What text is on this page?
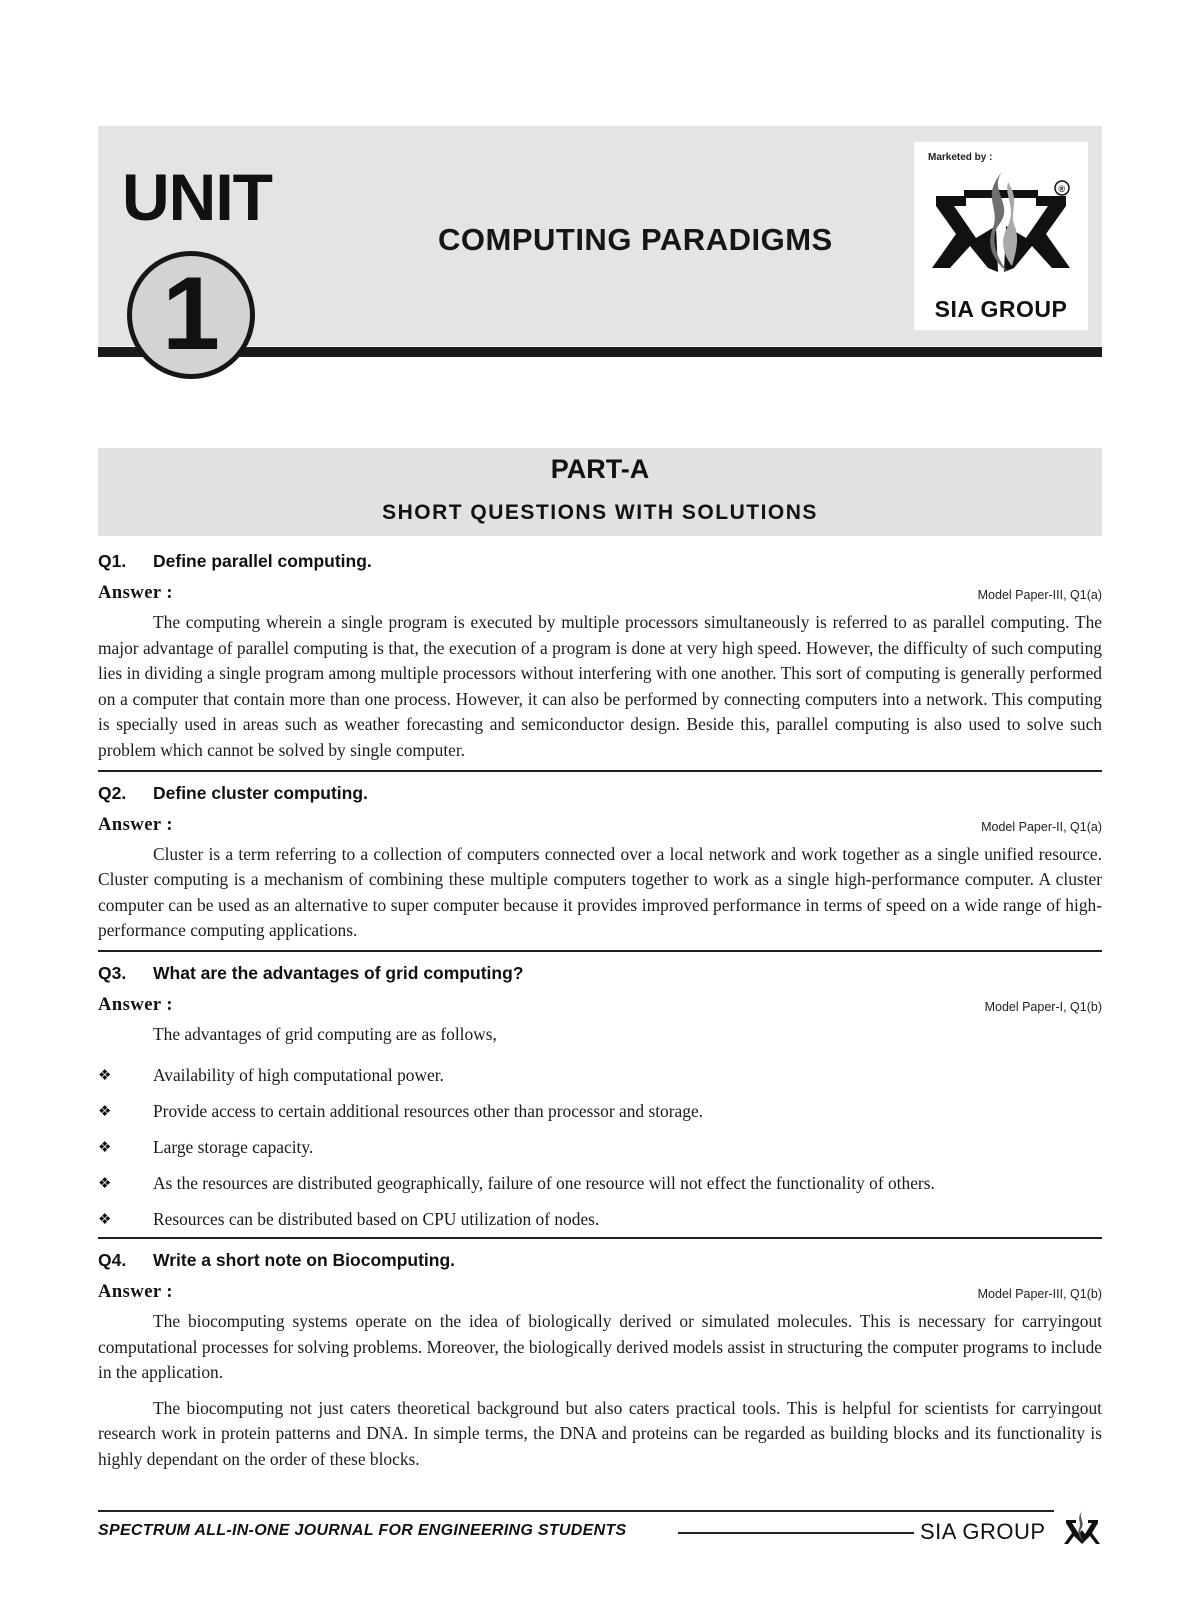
UNIT
COMPUTING PARADIGMS
Marketed by :
®
SIA GROUP
1
PART-A
SHORT QUESTIONS WITH SOLUTIONS
Q1. Define parallel computing.
Answer :	Model Paper-III, Q1(a)

The computing wherein a single program is executed by multiple processors simultaneously is referred to as parallel computing. The major advantage of parallel computing is that, the execution of a program is done at very high speed. However, the difficulty of such computing lies in dividing a single program among multiple processors without interfering with one another. This sort of computing is generally performed on a computer that contain more than one process. However, it can also be performed by connecting computers into a network. This computing is specially used in areas such as weather forecasting and semiconductor design. Beside this, parallel computing is also used to solve such problem which cannot be solved by single computer.

Q2. Define cluster computing.
Answer :	Model Paper-II, Q1(a)

Cluster is a term referring to a collection of computers connected over a local network and work together as a single unified resource. Cluster computing is a mechanism of combining these multiple computers together to work as a single high-performance computer. A cluster computer can be used as an alternative to super computer because it provides improved performance in terms of speed on a wide range of high-performance computing applications.

Q3. What are the advantages of grid computing?
Answer :	Model Paper-I, Q1(b)

The advantages of grid computing are as follows,

❖ Availability of high computational power.
❖ Provide access to certain additional resources other than processor and storage.
❖ Large storage capacity.
❖ As the resources are distributed geographically, failure of one resource will not effect the functionality of others.
❖ Resources can be distributed based on CPU utilization of nodes.
Q4. Write a short note on Biocomputing.
Answer :	Model Paper-III, Q1(b)

The biocomputing systems operate on the idea of biologically derived or simulated molecules. This is necessary for carryingout computational processes for solving problems. Moreover, the biologically derived models assist in structuring the computer programs to include in the application.

The biocomputing not just caters theoretical background but also caters practical tools. This is helpful for scientists for carryingout research work in protein patterns and DNA. In simple terms, the DNA and proteins can be regarded as building blocks and its functionality is highly dependant on the order of these blocks.

SPECTRUM ALL-IN-ONE JOURNAL FOR ENGINEERING STUDENTS	SIA GROUP
